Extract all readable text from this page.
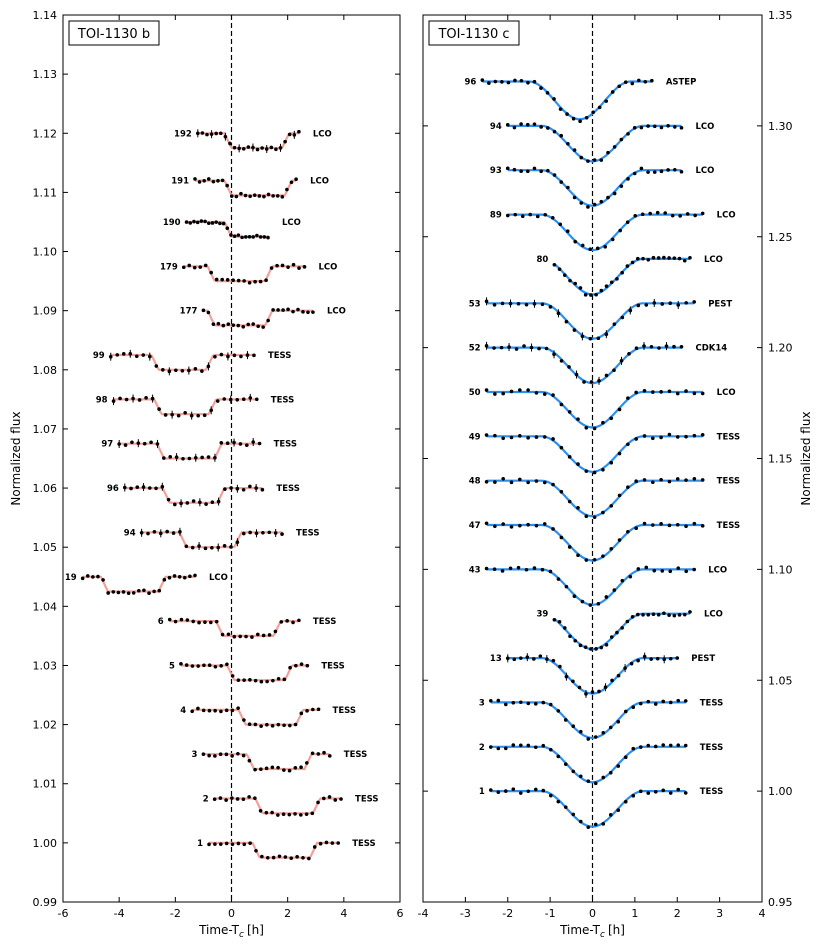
-6	-4	-2	0	2	4	6
0.99
1.00
1.01
1.02
1.03
1.04
1.05
1.06
1.07
1.08
1.09
1.10
1.11
1.12
1.13
1.14
Normalized flux
Time-$T_c$ [h]
TOI-1130 b
192	LCO
191	LCO
190	LCO
179	LCO
177	LCO
99	TESS
98	TESS
97	TESS
96	TESS
94	TESS
19	LCO
6	TESS
5	TESS
4	TESS
3	TESS
2	TESS
1	TESS
-4	-3	-2	-1	0	1	2	3	4
0.95
1.00
1.05
1.10
1.15
1.20
1.25
1.30
1.35
Normalized flux
Time-$T_c$ [h]
TOI-1130 c
96	ASTEP
94	LCO
93	LCO
89	LCO
80	LCO
53	PEST
52	CDK14
50	LCO
49	TESS
48	TESS
47	TESS
43	LCO
39	LCO
13	PEST
3	TESS
2	TESS
1	TESS
